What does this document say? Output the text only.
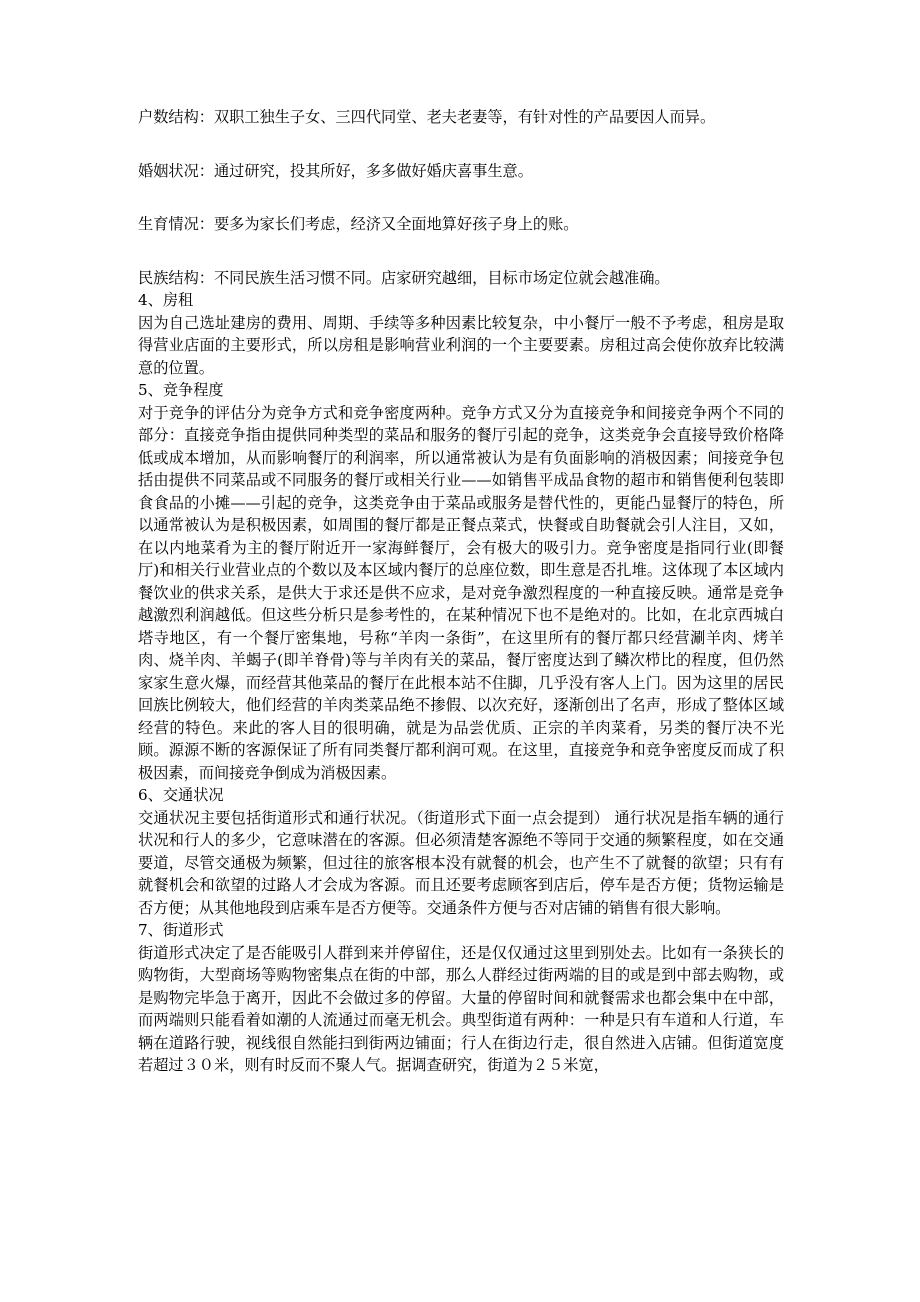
户数结构：双职工独生子女、三四代同堂、老夫老妻等，有针对性的产品要因人而异。

婚姻状况：通过研究，投其所好，多多做好婚庆喜事生意。

生育情况：要多为家长们考虑，经济又全面地算好孩子身上的账。

民族结构：不同民族生活习惯不同。店家研究越细，目标市场定位就会越准确。

4、房租

因为自己选址建房的费用、周期、手续等多种因素比较复杂，中小餐厅一般不予考虑，租房是取得营业店面的主要形式，所以房租是影响营业利润的一个主要要素。房租过高会使你放弃比较满意的位置。

5、竞争程度

对于竞争的评估分为竞争方式和竞争密度两种。竞争方式又分为直接竞争和间接竞争两个不同的部分：直接竞争指由提供同种类型的菜品和服务的餐厅引起的竞争，这类竞争会直接导致价格降低或成本增加，从而影响餐厅的利润率，所以通常被认为是有负面影响的消极因素；间接竞争包括由提供不同菜品或不同服务的餐厅或相关行业——如销售平成品食物的超市和销售便利包装即食食品的小摊——引起的竞争，这类竞争由于菜品或服务是替代性的，更能凸显餐厅的特色，所以通常被认为是积极因素，如周围的餐厅都是正餐点菜式，快餐或自助餐就会引人注目，又如，在以内地菜肴为主的餐厅附近开一家海鲜餐厅，会有极大的吸引力。竞争密度是指同行业(即餐厅)和相关行业营业点的个数以及本区域内餐厅的总座位数，即生意是否扎堆。这体现了本区域内餐饮业的供求关系，是供大于求还是供不应求，是对竞争激烈程度的一种直接反映。通常是竞争越激烈利润越低。但这些分析只是参考性的，在某种情况下也不是绝对的。比如，在北京西城白塔寺地区，有一个餐厅密集地，号称“羊肉一条街”，在这里所有的餐厅都只经营涮羊肉、烤羊肉、烧羊肉、羊蝎子(即羊脊骨)等与羊肉有关的菜品，餐厅密度达到了鳞次栉比的程度，但仍然家家生意火爆，而经营其他菜品的餐厅在此根本站不住脚，几乎没有客人上门。因为这里的居民回族比例较大，他们经营的羊肉类菜品绝不掺假、以次充好，逐渐创出了名声，形成了整体区域经营的特色。来此的客人目的很明确，就是为品尝优质、正宗的羊肉菜肴，另类的餐厅决不光顾。源源不断的客源保证了所有同类餐厅都利润可观。在这里，直接竞争和竞争密度反而成了积极因素，而间接竞争倒成为消极因素。

6、交通状况

交通状况主要包括街道形式和通行状况。（街道形式下面一点会提到） 通行状况是指车辆的通行状况和行人的多少，它意味潜在的客源。但必须清楚客源绝不等同于交通的频繁程度，如在交通要道，尽管交通极为频繁，但过往的旅客根本没有就餐的机会，也产生不了就餐的欲望；只有有就餐机会和欲望的过路人才会成为客源。而且还要考虑顾客到店后，停车是否方便；货物运输是否方便；从其他地段到店乘车是否方便等。交通条件方便与否对店铺的销售有很大影响。

7、街道形式

街道形式决定了是否能吸引人群到来并停留住，还是仅仅通过这里到别处去。比如有一条狭长的购物街，大型商场等购物密集点在街的中部，那么人群经过街两端的目的或是到中部去购物，或是购物完毕急于离开，因此不会做过多的停留。大量的停留时间和就餐需求也都会集中在中部，而两端则只能看着如潮的人流通过而毫无机会。典型街道有两种：一种是只有车道和人行道，车辆在道路行驶，视线很自然能扫到街两边铺面；行人在街边行走，很自然进入店铺。但街道宽度若超过３０米，则有时反而不聚人气。据调查研究，街道为２５米宽，
